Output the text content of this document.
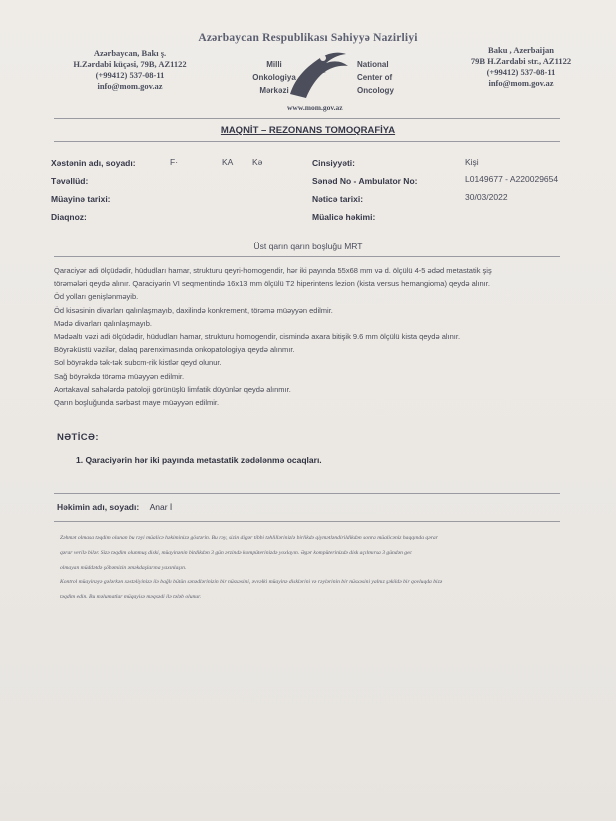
Azərbaycan Respublikası Səhiyyə Nazirliyi
Azərbaycan, Bakı ş.
H.Zərdabi küçəsi, 79B, AZ1122
(+99412) 537-08-11
info@mom.gov.az
Baku , Azerbaijan
79B H.Zardabi str., AZ1122
(+99412) 537-08-11
info@mom.gov.az
Milli
Onkologiya
Mərkəzi
National
Center of
Oncology
www.mom.gov.az
MAQNİT – REZONANS TOMOQRAFİYA
Xəstənin adı, soyadı:	F·	KA Kə
Təvəllüd:
Müayinə tarixi:
Diaqnoz:
Cinsiyyəti:	Kişi
Sənəd No - Ambulator No:	L0149677 - A220029654
Nəticə tarixi:	30/03/2022
Müalicə həkimi:
Üst qarın qarın boşluğu MRT
Qaraciyər adi ölçüdədir, hüdudları hamar, strukturu qeyri-homogendir, hər iki payında 55x68 mm və d. ölçülü 4-5 ədəd metastatik şiş
törəmələri qeydə alınır. Qaraciyərin VI seqmentində 16x13 mm ölçülü T2 hiperintens lezion (kista versus hemangioma) qeydə alınır.
Öd yolları genişlənməyib.
Öd kisəsinin divarları qalınlaşmayıb, daxilində konkrement, törəmə müəyyən edilmir.
Mədə divarları qalınlaşmayıb.
Mədəaltı vəzi adi ölçüdədir, hüdudları hamar, strukturu homogendir, cismində axara bitişik 9.6 mm ölçülü kista qeydə alınır.
Böyrəküstü vəzilər, dalaq parenximasında onkopatologiya qeydə alınmır.
Sol böyrəkdə tək-tək subcm-rik kistlər qeyd olunur.
Sağ böyrəkdə törəmə müəyyən edilmir.
Aortakaval sahələrdə patoloji görünüşlü limfatik düyünlər qeydə alınmır.
Qarın boşluğunda sərbəst maye müəyyən edilmir.
NƏTİCƏ:
1. Qaraciyərin hər iki payında metastatik zədələnmə ocaqları.
Həkimin adı, soyadı: Anar İ
Zəhmət olmasa təqdim olunan bu rəyi müalicə həkiminizə göstərin. Bu rəy, sizin digər tibbi təhlillərinizlə birlikdə qiymətləndirildikdən sonra müalicəniz haqqında qərar
qərar verilə bilər. Sizə təqdim olunmuş diski, müayinənin bitdikdən 3 gün ərzində kompüterinizdə yoxlayın. Əgər kompüterinizdə disk açılmırsa 3 gündən gec
olmayan müddətdə şöbəmizin əməkdaşlarına yaxınlaşın.
Kontrol müayinəyə gələrkən xəstəliyinizə ilə bağlı bütün sənədlərinizin bir nüsxəsini, əvvəlki müayinə disklərini və rəylərinin bir nüsxəsini yalnız şəkildə bir qovluqda bizə
təqdim edin. Bu məlumatlar müqayisə məqsədi ilə tələb olunur.
